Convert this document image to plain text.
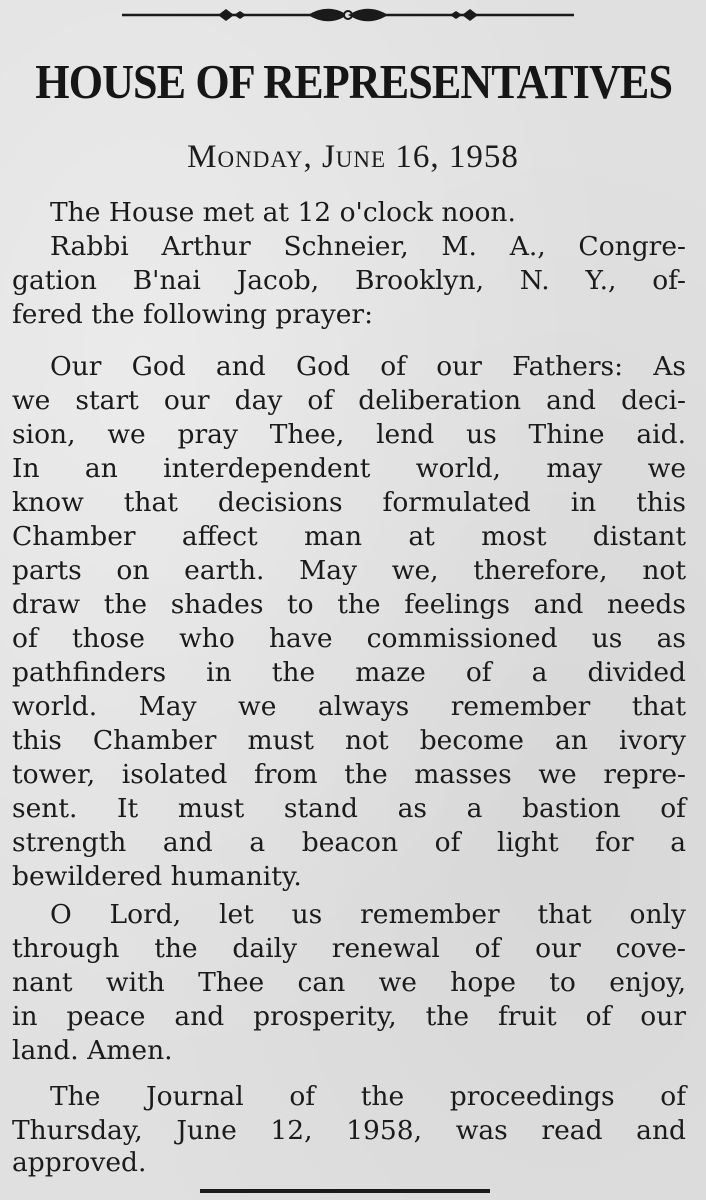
HOUSE OF REPRESENTATIVES
Monday, June 16, 1958
The House met at 12 o'clock noon.
Rabbi Arthur Schneier, M. A., Congre-
gation B'nai Jacob, Brooklyn, N. Y., of-
fered the following prayer:
Our God and God of our Fathers: As
we start our day of deliberation and deci-
sion, we pray Thee, lend us Thine aid.
In an interdependent world, may we
know that decisions formulated in this
Chamber affect man at most distant
parts on earth. May we, therefore, not
draw the shades to the feelings and needs
of those who have commissioned us as
pathfinders in the maze of a divided
world. May we always remember that
this Chamber must not become an ivory
tower, isolated from the masses we repre-
sent. It must stand as a bastion of
strength and a beacon of light for a
bewildered humanity.
O Lord, let us remember that only
through the daily renewal of our cove-
nant with Thee can we hope to enjoy,
in peace and prosperity, the fruit of our
land. Amen.
The Journal of the proceedings of
Thursday, June 12, 1958, was read and
approved.
